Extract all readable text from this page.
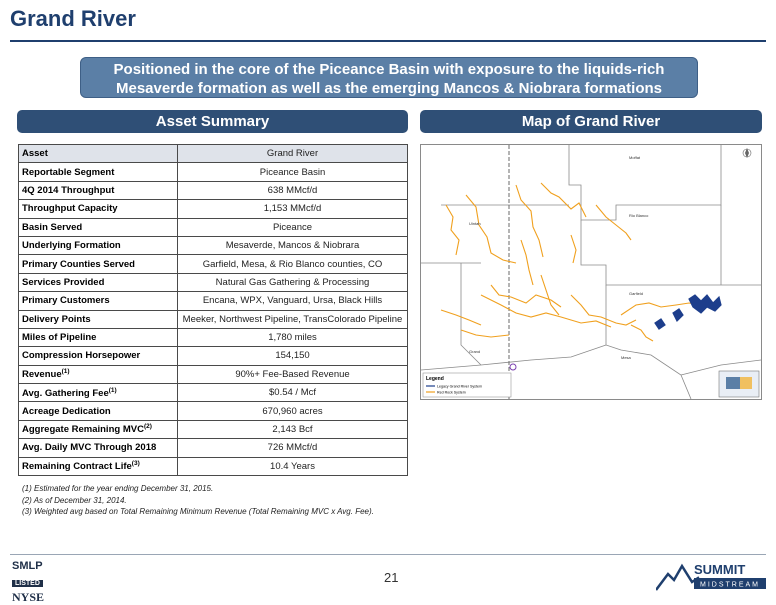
Grand River
Positioned in the core of the Piceance Basin with exposure to the liquids-rich
Mesaverde formation as well as the emerging Mancos & Niobrara formations
Asset Summary	Map of Grand River
Asset	Grand River
Reportable Segment	Piceance Basin
4Q 2014 Throughput	638 MMcf/d
Throughput Capacity	1,153 MMcf/d
Basin Served	Piceance
Underlying Formation	Mesaverde, Mancos & Niobrara
Primary Counties Served	Garfield, Mesa, & Rio Blanco counties, CO
Services Provided	Natural Gas Gathering & Processing
Primary Customers	Encana, WPX, Vanguard, Ursa, Black Hills
Delivery Points	Meeker, Northwest Pipeline, TransColorado Pipeline
Miles of Pipeline	1,780 miles
Compression Horsepower	154,150
Revenue$^{(1)}$	90%+ Fee-Based Revenue
Avg. Gathering Fee$^{(1)}$	$0.54 / Mcf
Acreage Dedication	670,960 acres
Aggregate Remaining MVC$^{(2)}$	2,143 Bcf
Avg. Daily MVC Through 2018	726 MMcf/d
Remaining Contract Life$^{(3)}$	10.4 Years
(1) Estimated for the year ending December 31, 2015.
(2) As of December 31, 2014.
(3) Weighted avg based on Total Remaining Minimum Revenue (Total Remaining MVC x Avg. Fee).
Moffat
Rio Blanco
Garfield
Mesa
Uintah
Grand
Legend
Legacy Grand River System
Red Rock System
SMLP
LISTED
NYSE
21
SUMMIT
MIDSTREAM
